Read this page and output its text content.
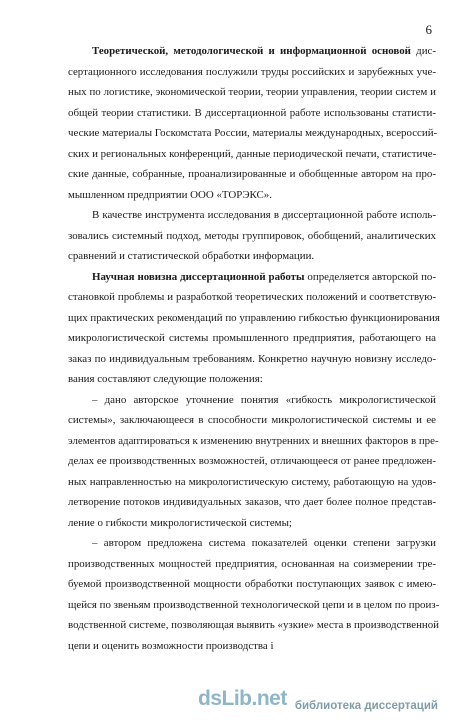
6

Теоретической, методологической и информационной основой дис-
сертационного исследования послужили труды российских и зарубежных уче-
ных по логистике, экономической теории, теории управления, теории систем и
общей теории статистики. В диссертационной работе использованы статисти-
ческие материалы Госкомстата России, материалы международных, всероссий-
ских и региональных конференций, данные периодической печати, статистиче-
ские данные, собранные, проанализированные и обобщенные автором на про-
мышленном предприятии ООО «ТОРЭКС».

В качестве инструмента исследования в диссертационной работе исполь-
зовались системный подход, методы группировок, обобщений, аналитических
сравнений и статистической обработки информации.

Научная новизна диссертационной работы определяется авторской по-
становкой проблемы и разработкой теоретических положений и соответствую-
щих практических рекомендаций по управлению гибкостью функционирования
микрологистической системы промышленного предприятия, работающего на
заказ по индивидуальным требованиям. Конкретно научную новизну исследо-
вания составляют следующие положения:

– дано авторское уточнение понятия «гибкость микрологистической
системы», заключающееся в способности микрологистической системы и ее
элементов адаптироваться к изменению внутренних и внешних факторов в пре-
делах ее производственных возможностей, отличающееся от ранее предложен-
ных направленностью на микрологистическую систему, работающую на удов-
летворение потоков индивидуальных заказов, что дает более полное представ-
ление о гибкости микрологистической системы;

– автором предложена система показателей оценки степени загрузки
производственных мощностей предприятия, основанная на соизмерении тре-
буемой производственной мощности обработки поступающих заявок с имею-
щейся по звеньям производственной технологической цепи и в целом по произ-
водственной системе, позволяющая выявить «узкие» места в производственной
цепи и оценить возможности производства і

dsLib.net библиотека диссертаций
